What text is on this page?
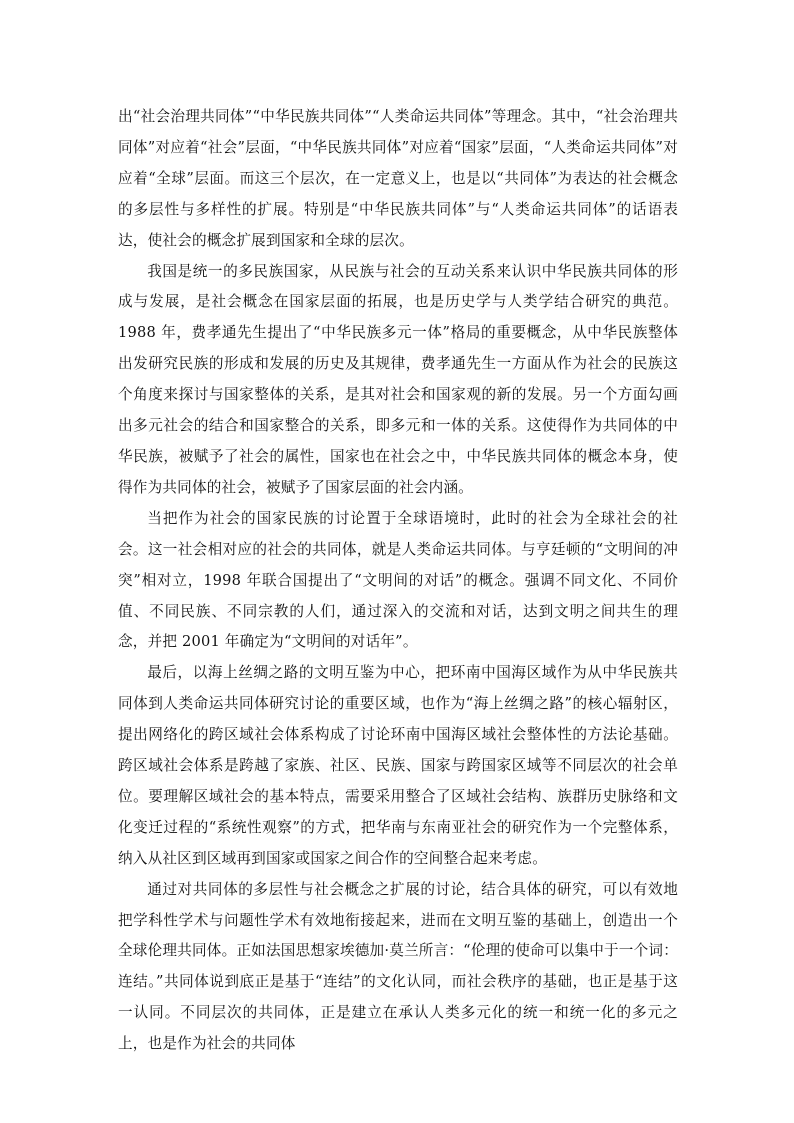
出“社会治理共同体”“中华民族共同体”“人类命运共同体”等理念。其中，“社会治理共同体”对应着“社会”层面，“中华民族共同体”对应着“国家”层面，“人类命运共同体”对应着“全球”层面。而这三个层次，在一定意义上，也是以“共同体”为表达的社会概念的多层性与多样性的扩展。特别是“中华民族共同体”与“人类命运共同体”的话语表达，使社会的概念扩展到国家和全球的层次。

我国是统一的多民族国家，从民族与社会的互动关系来认识中华民族共同体的形成与发展，是社会概念在国家层面的拓展，也是历史学与人类学结合研究的典范。1988 年，费孝通先生提出了“中华民族多元一体”格局的重要概念，从中华民族整体出发研究民族的形成和发展的历史及其规律，费孝通先生一方面从作为社会的民族这个角度来探讨与国家整体的关系，是其对社会和国家观的新的发展。另一个方面勾画出多元社会的结合和国家整合的关系，即多元和一体的关系。这使得作为共同体的中华民族，被赋予了社会的属性，国家也在社会之中，中华民族共同体的概念本身，使得作为共同体的社会，被赋予了国家层面的社会内涵。

当把作为社会的国家民族的讨论置于全球语境时，此时的社会为全球社会的社会。这一社会相对应的社会的共同体，就是人类命运共同体。与亨廷顿的“文明间的冲突”相对立，1998 年联合国提出了“文明间的对话”的概念。强调不同文化、不同价值、不同民族、不同宗教的人们，通过深入的交流和对话，达到文明之间共生的理念，并把 2001 年确定为“文明间的对话年”。

最后，以海上丝绸之路的文明互鉴为中心，把环南中国海区域作为从中华民族共同体到人类命运共同体研究讨论的重要区域，也作为“海上丝绸之路”的核心辐射区，提出网络化的跨区域社会体系构成了讨论环南中国海区域社会整体性的方法论基础。跨区域社会体系是跨越了家族、社区、民族、国家与跨国家区域等不同层次的社会单位。要理解区域社会的基本特点，需要采用整合了区域社会结构、族群历史脉络和文化变迁过程的“系统性观察”的方式，把华南与东南亚社会的研究作为一个完整体系，纳入从社区到区域再到国家或国家之间合作的空间整合起来考虑。

通过对共同体的多层性与社会概念之扩展的讨论，结合具体的研究，可以有效地把学科性学术与问题性学术有效地衔接起来，进而在文明互鉴的基础上，创造出一个全球伦理共同体。正如法国思想家埃德加·莫兰所言：“伦理的使命可以集中于一个词：连结。”共同体说到底正是基于“连结”的文化认同，而社会秩序的基础，也正是基于这一认同。不同层次的共同体，正是建立在承认人类多元化的统一和统一化的多元之上，也是作为社会的共同体
